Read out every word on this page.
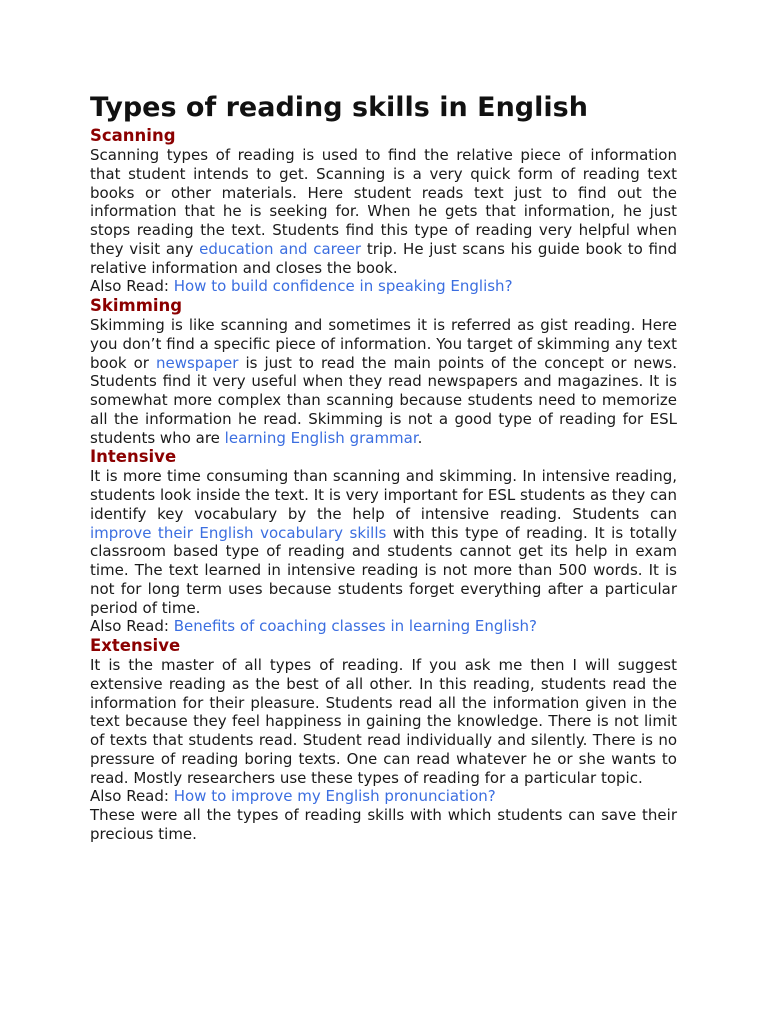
Types of reading skills in English
Scanning

Scanning types of reading is used to find the relative piece of information that student intends to get. Scanning is a very quick form of reading text books or other materials. Here student reads text just to find out the information that he is seeking for. When he gets that information, he just stops reading the text. Students find this type of reading very helpful when they visit any education and career trip. He just scans his guide book to find relative information and closes the book.

Also Read: How to build confidence in speaking English?

Skimming

Skimming is like scanning and sometimes it is referred as gist reading. Here you don’t find a specific piece of information. You target of skimming any text book or newspaper is just to read the main points of the concept or news. Students find it very useful when they read newspapers and magazines. It is somewhat more complex than scanning because students need to memorize all the information he read. Skimming is not a good type of reading for ESL students who are learning English grammar.

Intensive

It is more time consuming than scanning and skimming. In intensive reading, students look inside the text. It is very important for ESL students as they can identify key vocabulary by the help of intensive reading. Students can improve their English vocabulary skills with this type of reading. It is totally classroom based type of reading and students cannot get its help in exam time. The text learned in intensive reading is not more than 500 words. It is not for long term uses because students forget everything after a particular period of time.

Also Read: Benefits of coaching classes in learning English?

Extensive

It is the master of all types of reading. If you ask me then I will suggest extensive reading as the best of all other. In this reading, students read the information for their pleasure. Students read all the information given in the text because they feel happiness in gaining the knowledge. There is not limit of texts that students read. Student read individually and silently. There is no pressure of reading boring texts. One can read whatever he or she wants to read. Mostly researchers use these types of reading for a particular topic.

Also Read: How to improve my English pronunciation?

These were all the types of reading skills with which students can save their precious time.
